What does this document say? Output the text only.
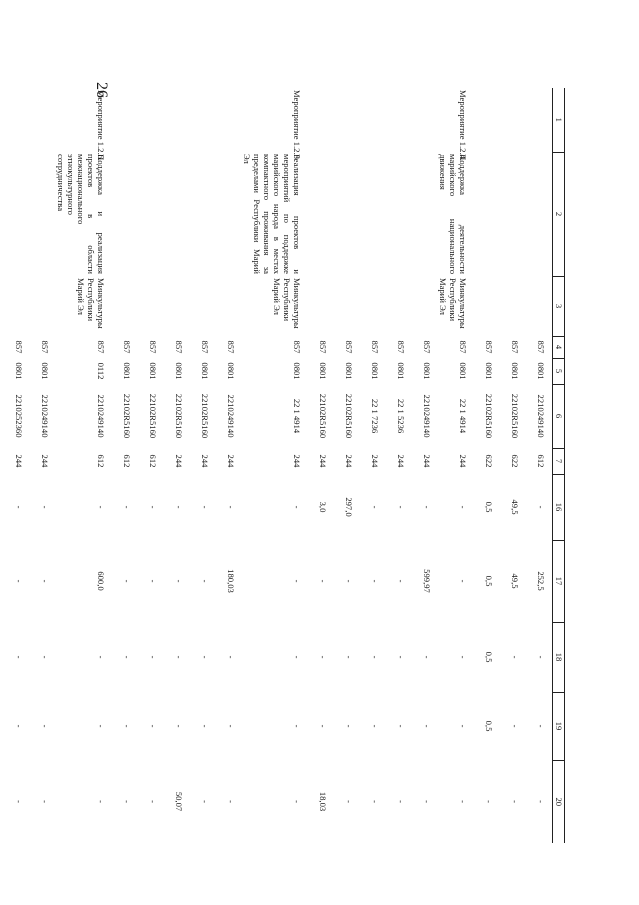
26
1	2	3	4	5	6	7	16	17	18	19	20
			857	0801	2210249140	612	-	252,5	-	-	-
			857	0801	22102R5160	622	49,5	49,5	-	-	-
			857	0801	22102R5160	622	0,5	0,5	0,5	0,5	-
Мероприятие 1.2.4.	Поддержка деятельности марийского национального движения	Минкультуры Республики Марий Эл	857	0801	22 1 4914	244	-	-	-	-	-
			857	0801	2210249140	244	-	599,97	-	-	-
			857	0801	22 1 5236	244	-	-	-	-	-
			857	0801	22 1 7236	244	-	-	-	-	-
			857	0801	22102R5160	244	297,0	-	-	-	-
			857	0801	22102R5160	244	3,0	-	-	-	18,03
Мероприятие 1.2.5.	Реализация проектов и мероприятий по поддержке марийского народа в местах компактного проживания за пределами Республики Марий Эл	Минкультуры Республики Марий Эл	857	0801	22 1 4914	244	-	-	-	-	-
			857	0801	2210249140	244	-	180,03	-	-	-
			857	0801	22102R5160	244	-	-	-	-	-
			857	0801	22102R5160	244	-	-	-	-	50,07
			857	0801	22102R5160	612	-	-	-	-	-
			857	0801	22102R5160	612	-	-	-	-	-
Мероприятие 1.2.6.	Поддержка и реализация проектов в области межнационального этнокультурного сотрудничества	Минкультуры Республики Марий Эл	857	0112	2210249140	612	-	600,0	-	-	-
			857	0801	2210249140	244	-	-	-	-	-
			857	0801	2210252360	244	-	-	-	-	-
